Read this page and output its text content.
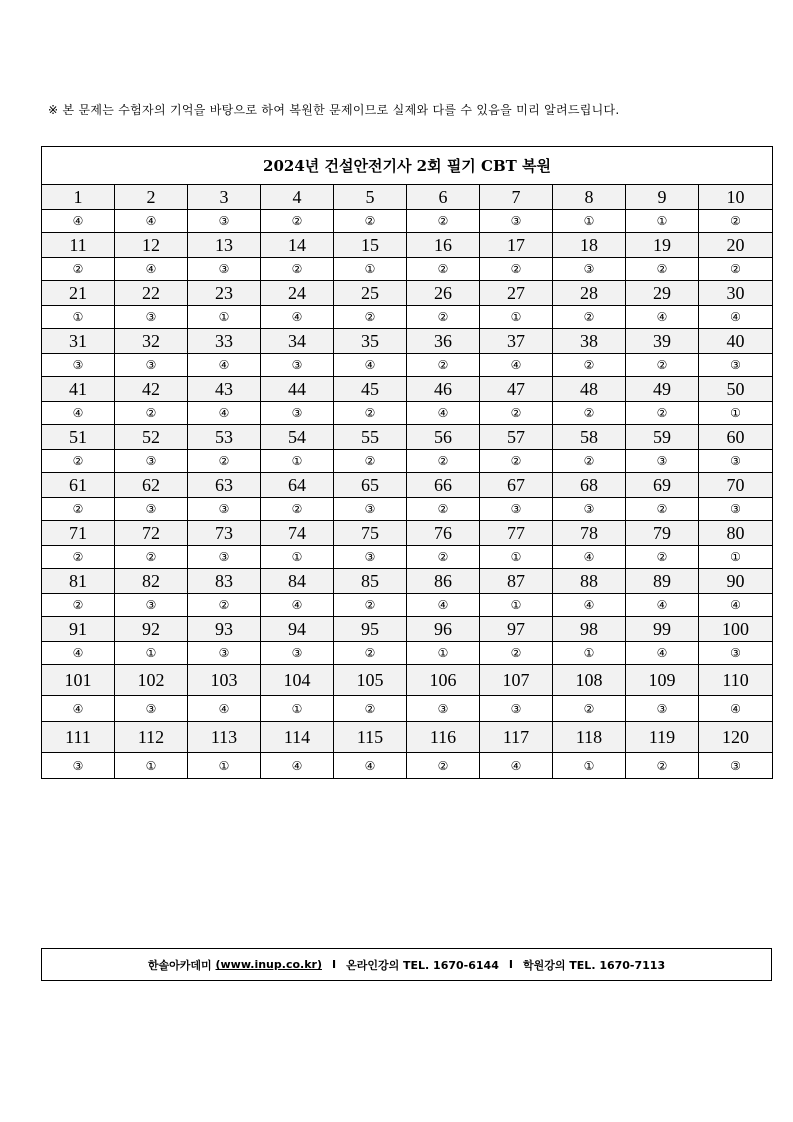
※ 본 문제는 수험자의 기억을 바탕으로 하여 복원한 문제이므로 실제와 다를 수 있음을 미리 알려드립니다.
2024년 건설안전기사 2회 필기 CBT 복원									
1	2	3	4	5	6	7	8	9	10
④	④	③	②	②	②	③	①	①	②
11	12	13	14	15	16	17	18	19	20
②	④	③	②	①	②	②	③	②	②
21	22	23	24	25	26	27	28	29	30
①	③	①	④	②	②	①	②	④	④
31	32	33	34	35	36	37	38	39	40
③	③	④	③	④	②	④	②	②	③
41	42	43	44	45	46	47	48	49	50
④	②	④	③	②	④	②	②	②	①
51	52	53	54	55	56	57	58	59	60
②	③	②	①	②	②	②	②	③	③
61	62	63	64	65	66	67	68	69	70
②	③	③	②	③	②	③	③	②	③
71	72	73	74	75	76	77	78	79	80
②	②	③	①	③	②	①	④	②	①
81	82	83	84	85	86	87	88	89	90
②	③	②	④	②	④	①	④	④	④
91	92	93	94	95	96	97	98	99	100
④	①	③	③	②	①	②	①	④	③
101	102	103	104	105	106	107	108	109	110
④	③	④	①	②	③	③	②	③	④
111	112	113	114	115	116	117	118	119	120
③	①	①	④	④	②	④	①	②	③
한솔아카데미
(www.inup.co.kr) I 온라인강의 TEL. 1670-6144 I 학원강의 TEL. 1670-7113
